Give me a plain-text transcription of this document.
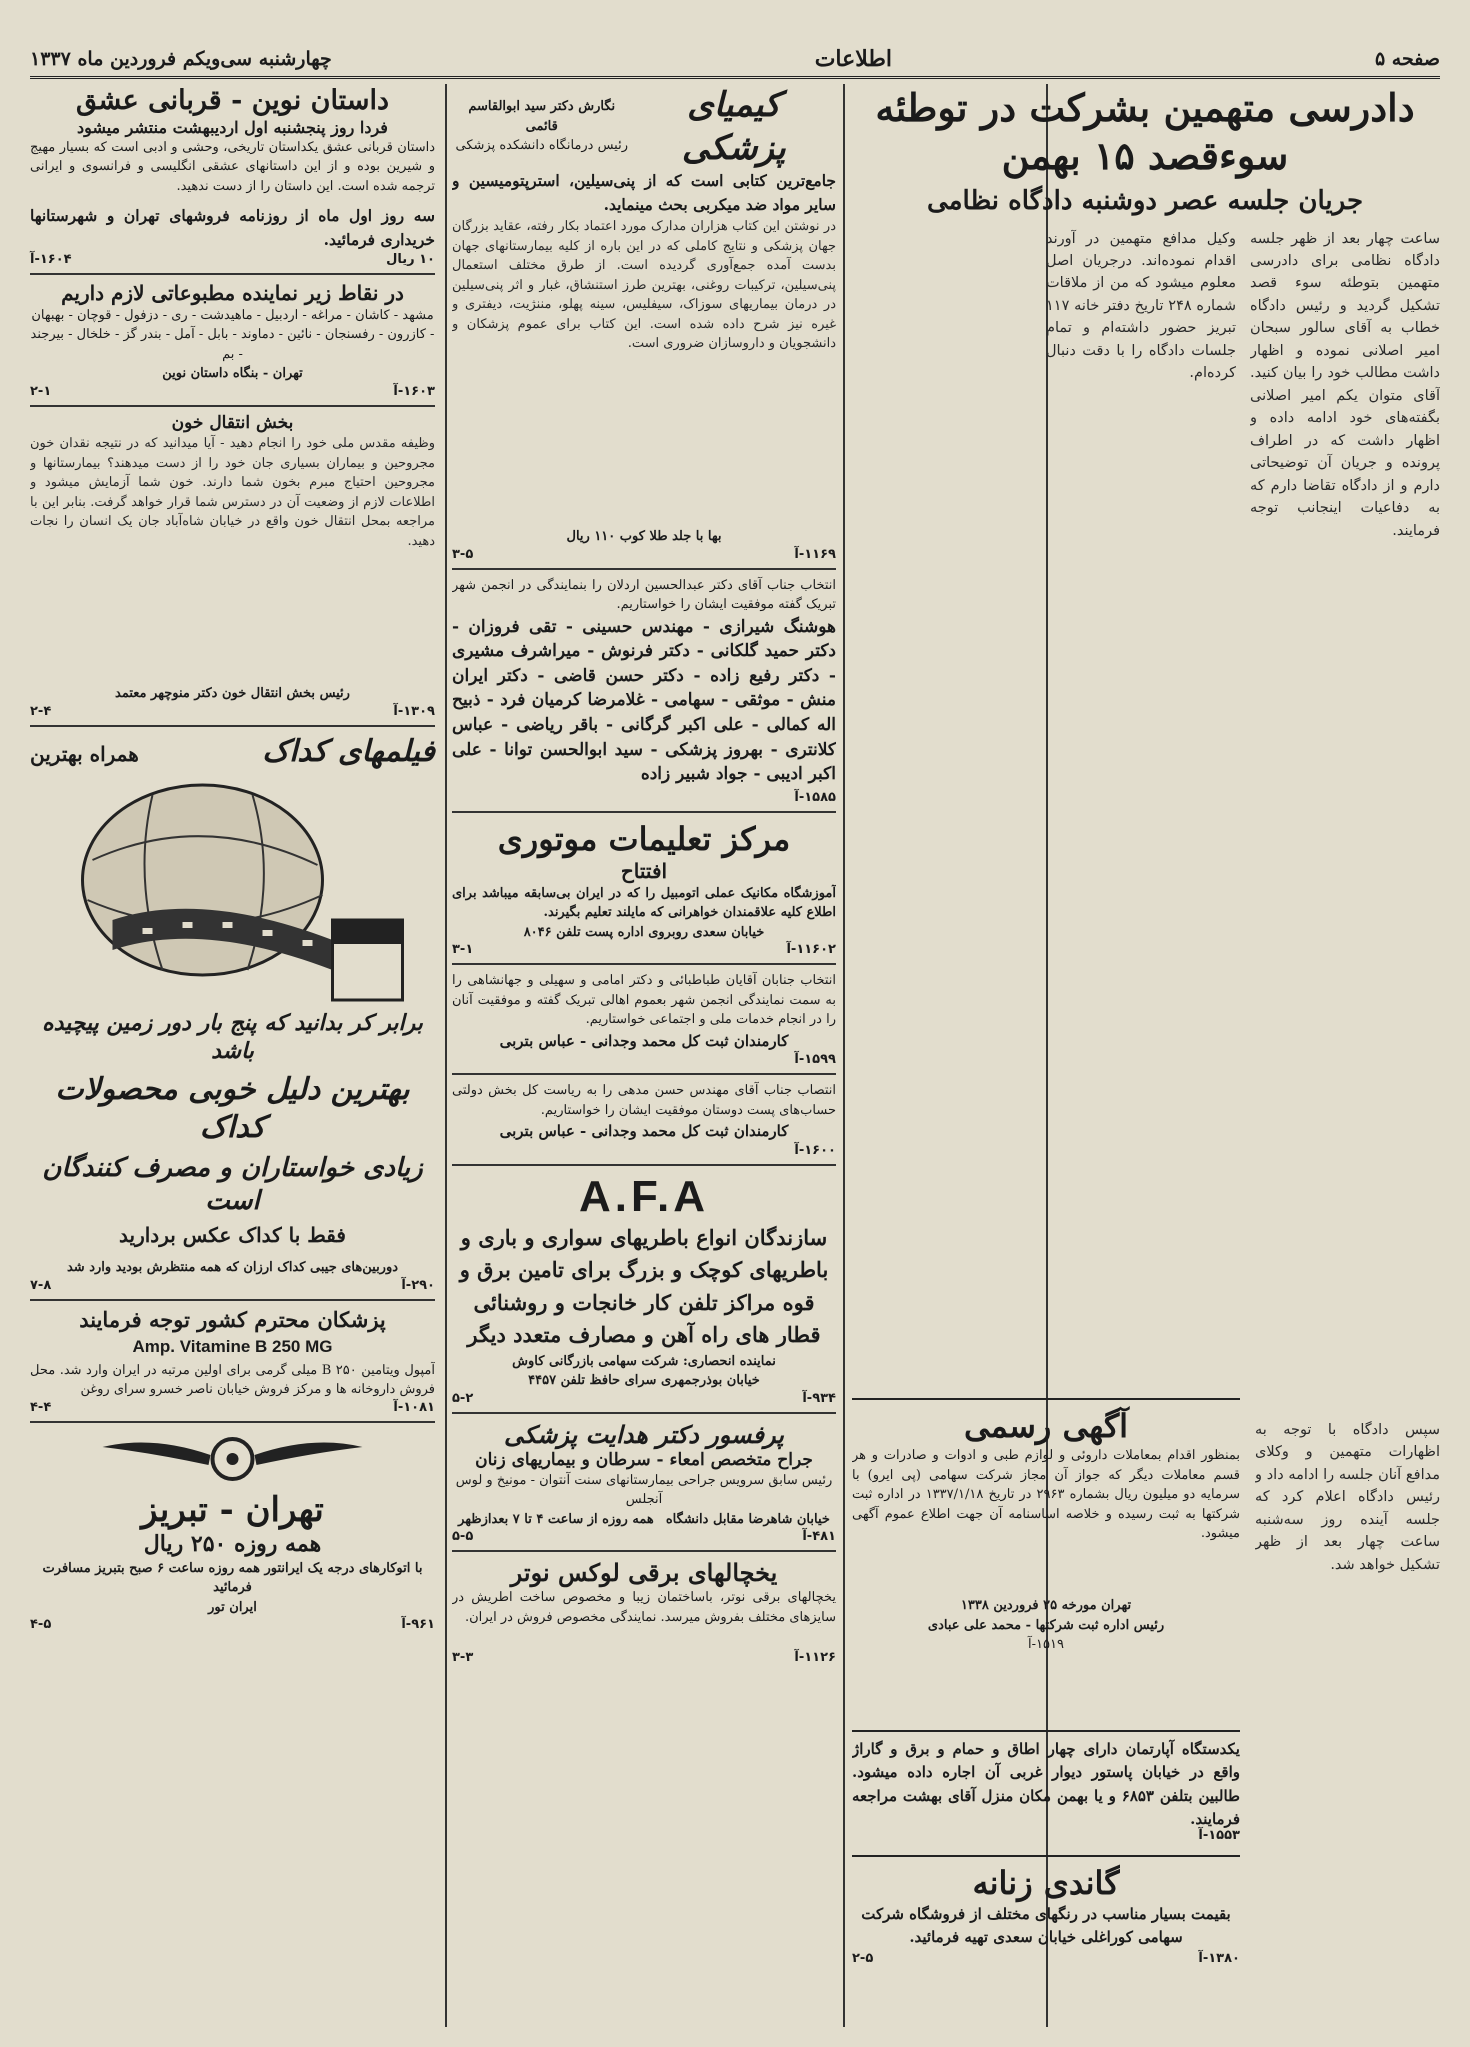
صفحه ۵
اطلاعات
چهارشنبه سی‌ویکم فروردین ماه ۱۳۳۷
دادرسی متهمین بشرکت در توطئه سوءقصد ۱۵ بهمن
جریان جلسه عصر دوشنبه دادگاه نظامی
ساعت چهار بعد از ظهر جلسه دادگاه نظامی برای دادرسی متهمین بتوطئه سوء قصد تشکیل گردید و رئیس دادگاه خطاب به آقای سالور سبحان امیر اصلانی نموده و اظهار داشت مطالب خود را بیان کنید. آقای متوان یکم امیر اصلانی بگفته‌های خود ادامه داده و اظهار داشت که در اطراف پرونده و جریان آن توضیحاتی دارم و از دادگاه تقاضا دارم که به دفاعیات اینجانب توجه فرمایند.
وکیل مدافع متهمین در آورند اقدام نموده‌اند. درجریان اصل معلوم میشود که من از ملاقات شماره ۲۴۸ تاریخ دفتر خانه ۱۱۷ تبریز حضور داشته‌ام و تمام جلسات دادگاه را با دقت دنبال کرده‌ام.
سپس دادگاه با توجه به اظهارات متهمین و وکلای مدافع آنان جلسه را ادامه داد و رئیس دادگاه اعلام کرد که جلسه آینده روز سه‌شنبه ساعت چهار بعد از ظهر تشکیل خواهد شد.
آگهی رسمی
بمنظور اقدام بمعاملات داروئی و لوازم طبی و ادوات و صادرات و هر قسم معاملات دیگر که جواز آن مجاز شرکت سهامی (پی ‌ایرو) با سرمایه دو میلیون ریال بشماره ۲۹۶۳ در تاریخ ۱۳۳۷/۱/۱۸ در اداره ثبت شرکتها به ثبت رسیده و خلاصه اساسنامه آن جهت اطلاع عموم آگهی میشود.
تهران مورخه ۲۵ فروردین ۱۳۳۸
رئیس اداره ثبت شرکتها - محمد علی عبادی
۱۵۱۹-آ
یکدستگاه آپارتمان دارای چهار اطاق و حمام و برق و گاراژ واقع در خیابان پاستور دیوار غربی آن اجاره داده میشود. طالبین بتلفن ۶۸۵۳ و یا بهمن مکان منزل آقای بهشت مراجعه فرمایند.
۱۵۵۳-آ
گاندی زنانه
بقیمت بسیار مناسب در رنگهای مختلف از فروشگاه شرکت سهامی کوراغلی خیابان سعدی تهیه فرمائید.
۱۳۸۰-آ
۲-۵
کیمیای پزشکی
نگارش دکتر سید ابوالقاسم قائمی
رئیس درمانگاه دانشکده پزشکی
جامع‌ترین کتابی است که از پنی‌سیلین، استرپتومیسین و سایر مواد ضد میکربی بحث مینماید.
در نوشتن این کتاب هزاران مدارک مورد اعتماد بکار رفته، عقاید بزرگان جهان پزشکی و نتایج کاملی که در این باره از کلیه بیمارستانهای جهان بدست آمده جمع‌آوری گردیده است. از طرق مختلف استعمال پنی‌سیلین، ترکیبات روغنی، بهترین طرز استنشاق، غبار و اثر پنی‌سیلین در درمان بیماریهای سوزاک، سیفلیس، سینه پهلو، مننژیت، دیفتری و غیره نیز شرح داده شده است. این کتاب برای عموم پزشکان و دانشجویان و داروسازان ضروری است.
بها با جلد طلا کوب ۱۱۰ ریال
۱۱۶۹-آ
۳-۵
انتخاب جناب آقای دکتر عبدالحسین اردلان را بنمایندگی در انجمن شهر تبریک گفته موفقیت ایشان را خواستاریم.
هوشنگ شیرازی - مهندس حسینی - تقی فروزان - دکتر حمید گلکانی - دکتر فرنوش - میراشرف مشیری - دکتر رفیع زاده - دکتر حسن قاضی - دکتر ایران منش - موثقی - سهامی - غلامرضا کرمیان فرد - ذبیح اله کمالی - علی اکبر گرگانی - باقر ریاضی - عباس کلانتری - بهروز پزشکی - سید ابوالحسن توانا - علی اکبر ادیبی - جواد شبیر زاده
۱۵۸۵-آ
مرکز تعلیمات موتوری
افتتاح
آموزشگاه مکانیک عملی اتومبیل را که در ایران بی‌سابقه میباشد برای اطلاع کلیه علاقمندان خواهرانی که مایلند تعلیم بگیرند.
خیابان سعدی روبروی اداره پست تلفن ۸۰۴۶
۱۱۶۰۲-آ
۳-۱
انتخاب جنابان آقایان طباطبائی و دکتر امامی و سهیلی و جهانشاهی را به سمت نمایندگی انجمن شهر بعموم اهالی تبریک گفته و موفقیت آنان را در انجام خدمات ملی و اجتماعی خواستاریم.
کارمندان ثبت کل محمد وجدانی - عباس بتربی
۱۵۹۹-آ
انتصاب جناب آقای مهندس حسن مدهی را به ریاست کل بخش دولتی حساب‌های پست دوستان موفقیت ایشان را خواستاریم.
کارمندان ثبت کل محمد وجدانی - عباس بتربی
۱۶۰۰-آ
A.F.A
سازندگان انواع باطریهای سواری و باری و باطریهای کوچک و بزرگ برای تامین برق و قوه مراکز تلفن کار خانجات و روشنائی قطار های راه آهن و مصارف متعدد دیگر
نماینده انحصاری: شرکت سهامی بازرگانی کاوش
خیابان بوذرجمهری سرای حافظ تلفن ۴۴۵۷
۹۳۴-آ
۵-۲
پرفسور دکتر هدایت پزشکی
جراح متخصص امعاء - سرطان و بیماریهای زنان
رئیس سابق سرویس جراحی بیمارستانهای سنت آنتوان - مونیخ و لوس آنجلس
خیابان شاهرضا مقابل دانشگاه
همه روزه از ساعت ۴ تا ۷ بعدازظهر
۴۸۱-آ
۵-۵
یخچالهای برقی لوکس نوتر
یخچالهای برقی نوتر، باساختمان زیبا و مخصوص ساخت اطریش در سایزهای مختلف بفروش میرسد. نمایندگی مخصوص فروش در ایران.
۱۱۲۶-آ
۳-۳
داستان نوین - قربانی عشق
فردا روز پنجشنبه اول اردیبهشت منتشر میشود
داستان قربانی عشق یکداستان تاریخی، وحشی و ادبی است که بسیار مهیج و شیرین بوده و از این داستانهای عشقی انگلیسی و فرانسوی و ایرانی ترجمه شده است. این داستان را از دست ندهید.
سه روز اول ماه از روزنامه فروشهای تهران و شهرستانها خریداری فرمائید.
۱۰ ریال
۱۶۰۴-آ
در نقاط زیر نماینده مطبوعاتی لازم داریم
مشهد - کاشان - مراغه - اردبیل - ماهیدشت - ری - دزفول - قوچان - بهبهان - کازرون - رفسنجان - نائین - دماوند - بابل - آمل - بندر گز - خلخال - بیرجند - بم
تهران - بنگاه داستان نوین
۱۶۰۳-آ
۲-۱
بخش انتقال خون
وظیفه مقدس ملی خود را انجام دهید - آیا میدانید که در نتیجه نقدان خون مجروحین و بیماران بسیاری جان خود را از دست میدهند؟ بیمارستانها و مجروحین احتیاج مبرم بخون شما دارند. خون شما آزمایش میشود و اطلاعات لازم از وضعیت آن در دسترس شما قرار خواهد گرفت. بنابر این با مراجعه بمحل انتقال خون واقع در خیابان شاه‌آباد جان یک انسان را نجات دهید.
رئیس بخش انتقال خون دکتر منوچهر معتمد
۱۳۰۹-آ
۲-۴
فیلمهای کداک
همراه بهترین
Kodak
برابر کر بدانید که پنج بار دور زمین پیچیده باشد
بهترین دلیل خوبی محصولات کداک
زیادی خواستاران و مصرف کنندگان است
فقط با کداک عکس بردارید
دوربین‌های جیبی کداک ارزان که همه منتظرش بودید وارد شد
۲۹۰-آ
۷-۸
پزشکان محترم کشور توجه فرمایند
Amp. Vitamine B 250 MG
آمپول ویتامین B ۲۵۰ میلی گرمی برای اولین مرتبه در ایران وارد شد. محل فروش داروخانه ها و مرکز فروش خیابان ناصر خسرو سرای روغن
۱۰۸۱-آ
۴-۴
تهران - تبریز
همه روزه ۲۵۰ ریال
با اتوکارهای درجه یک ایرانتور همه روزه ساعت ۶ صبح بتبریز مسافرت فرمائید
ایران تور
۹۶۱-آ
۴-۵
